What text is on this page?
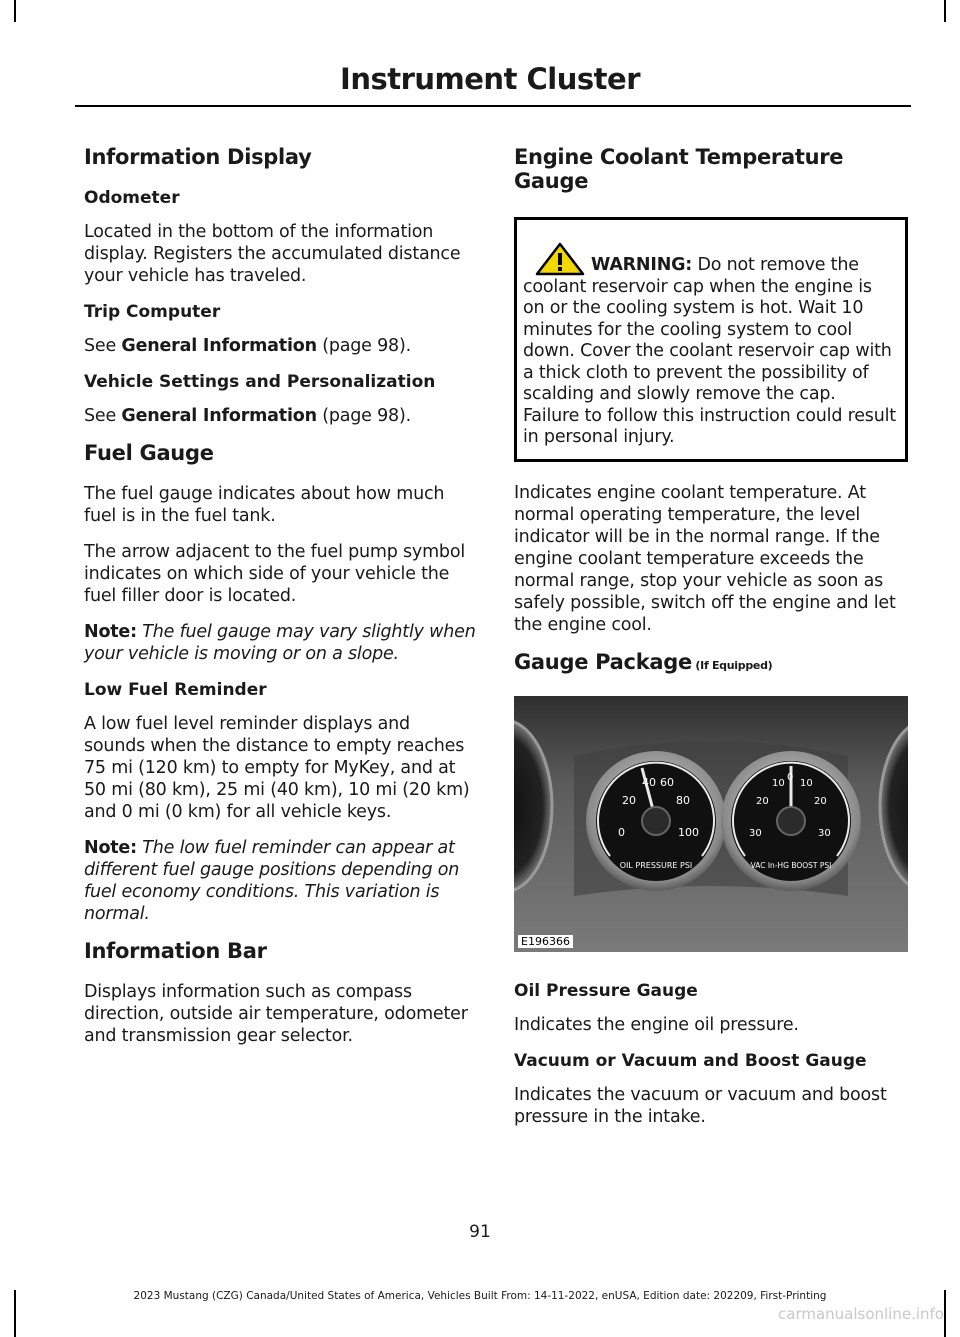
Instrument Cluster
Information Display
Odometer

Located in the bottom of the information display. Registers the accumulated distance your vehicle has traveled.

Trip Computer

See General Information (page 98).

Vehicle Settings and Personalization

See General Information (page 98).

Fuel Gauge

The fuel gauge indicates about how much fuel is in the fuel tank.

The arrow adjacent to the fuel pump symbol indicates on which side of your vehicle the fuel filler door is located.

Note: The fuel gauge may vary slightly when your vehicle is moving or on a slope.

Low Fuel Reminder

A low fuel level reminder displays and sounds when the distance to empty reaches 75 mi (120 km) to empty for MyKey, and at 50 mi (80 km), 25 mi (40 km), 10 mi (20 km) and 0 mi (0 km) for all vehicle keys.

Note: The low fuel reminder can appear at different fuel gauge positions depending on fuel economy conditions. This variation is normal.

Information Bar

Displays information such as compass direction, outside air temperature, odometer and transmission gear selector.

Engine Coolant Temperature Gauge
WARNING: Do not remove the coolant reservoir cap when the engine is on or the cooling system is hot. Wait 10 minutes for the cooling system to cool down. Cover the coolant reservoir cap with a thick cloth to prevent the possibility of scalding and slowly remove the cap. Failure to follow this instruction could result in personal injury.

Indicates engine coolant temperature. At normal operating temperature, the level indicator will be in the normal range. If the engine coolant temperature exceeds the normal range, stop your vehicle as soon as safely possible, switch off the engine and let the engine cool.

Gauge Package (If Equipped)
0
20
40 60
80
100
OIL PRESSURE PSI
30
20
10
0
10
20
30
VAC In-HG BOOST PSI
E196366
Oil Pressure Gauge

Indicates the engine oil pressure.

Vacuum or Vacuum and Boost Gauge

Indicates the vacuum or vacuum and boost pressure in the intake.

91
2023 Mustang (CZG) Canada/United States of America, Vehicles Built From: 14-11-2022, enUSA, Edition date: 202209, First-Printing
carmanualsonline.info
